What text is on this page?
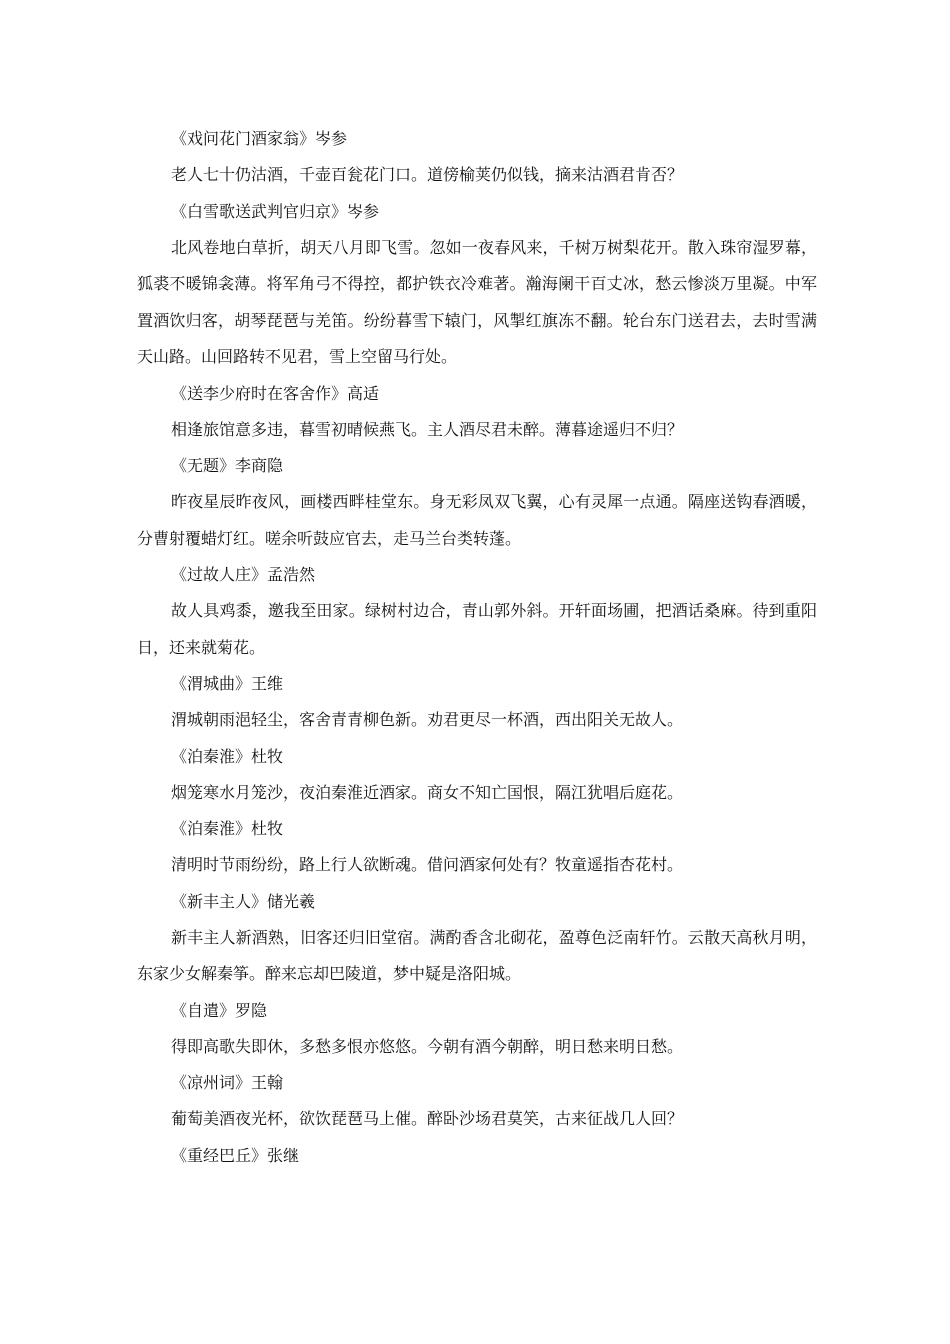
《戏问花门酒家翁》岑参

老人七十仍沽酒，千壶百瓮花门口。道傍榆荚仍似钱，摘来沽酒君肯否？

《白雪歌送武判官归京》岑参

北风卷地白草折，胡天八月即飞雪。忽如一夜春风来，千树万树梨花开。散入珠帘湿罗幕，狐裘不暖锦衾薄。将军角弓不得控，都护铁衣冷难著。瀚海阑干百丈冰，愁云惨淡万里凝。中军置酒饮归客，胡琴琵琶与羌笛。纷纷暮雪下辕门，风掣红旗冻不翻。轮台东门送君去，去时雪满天山路。山回路转不见君，雪上空留马行处。

《送李少府时在客舍作》高适

相逢旅馆意多违，暮雪初晴候燕飞。主人酒尽君未醉。薄暮途遥归不归？

《无题》李商隐

昨夜星辰昨夜风，画楼西畔桂堂东。身无彩凤双飞翼，心有灵犀一点通。隔座送钩春酒暖，分曹射覆蜡灯红。嗟余听鼓应官去，走马兰台类转蓬。

《过故人庄》孟浩然

故人具鸡黍，邀我至田家。绿树村边合，青山郭外斜。开轩面场圃，把酒话桑麻。待到重阳日，还来就菊花。

《渭城曲》王维

渭城朝雨浥轻尘，客舍青青柳色新。劝君更尽一杯酒，西出阳关无故人。

《泊秦淮》杜牧

烟笼寒水月笼沙，夜泊秦淮近酒家。商女不知亡国恨，隔江犹唱后庭花。

《泊秦淮》杜牧

清明时节雨纷纷，路上行人欲断魂。借问酒家何处有？牧童遥指杏花村。

《新丰主人》储光羲

新丰主人新酒熟，旧客还归旧堂宿。满酌香含北砌花，盈尊色泛南轩竹。云散天高秋月明，东家少女解秦筝。醉来忘却巴陵道，梦中疑是洛阳城。

《自遣》罗隐

得即高歌失即休，多愁多恨亦悠悠。今朝有酒今朝醉，明日愁来明日愁。

《凉州词》王翰

葡萄美酒夜光杯，欲饮琵琶马上催。醉卧沙场君莫笑，古来征战几人回？

《重经巴丘》张继
